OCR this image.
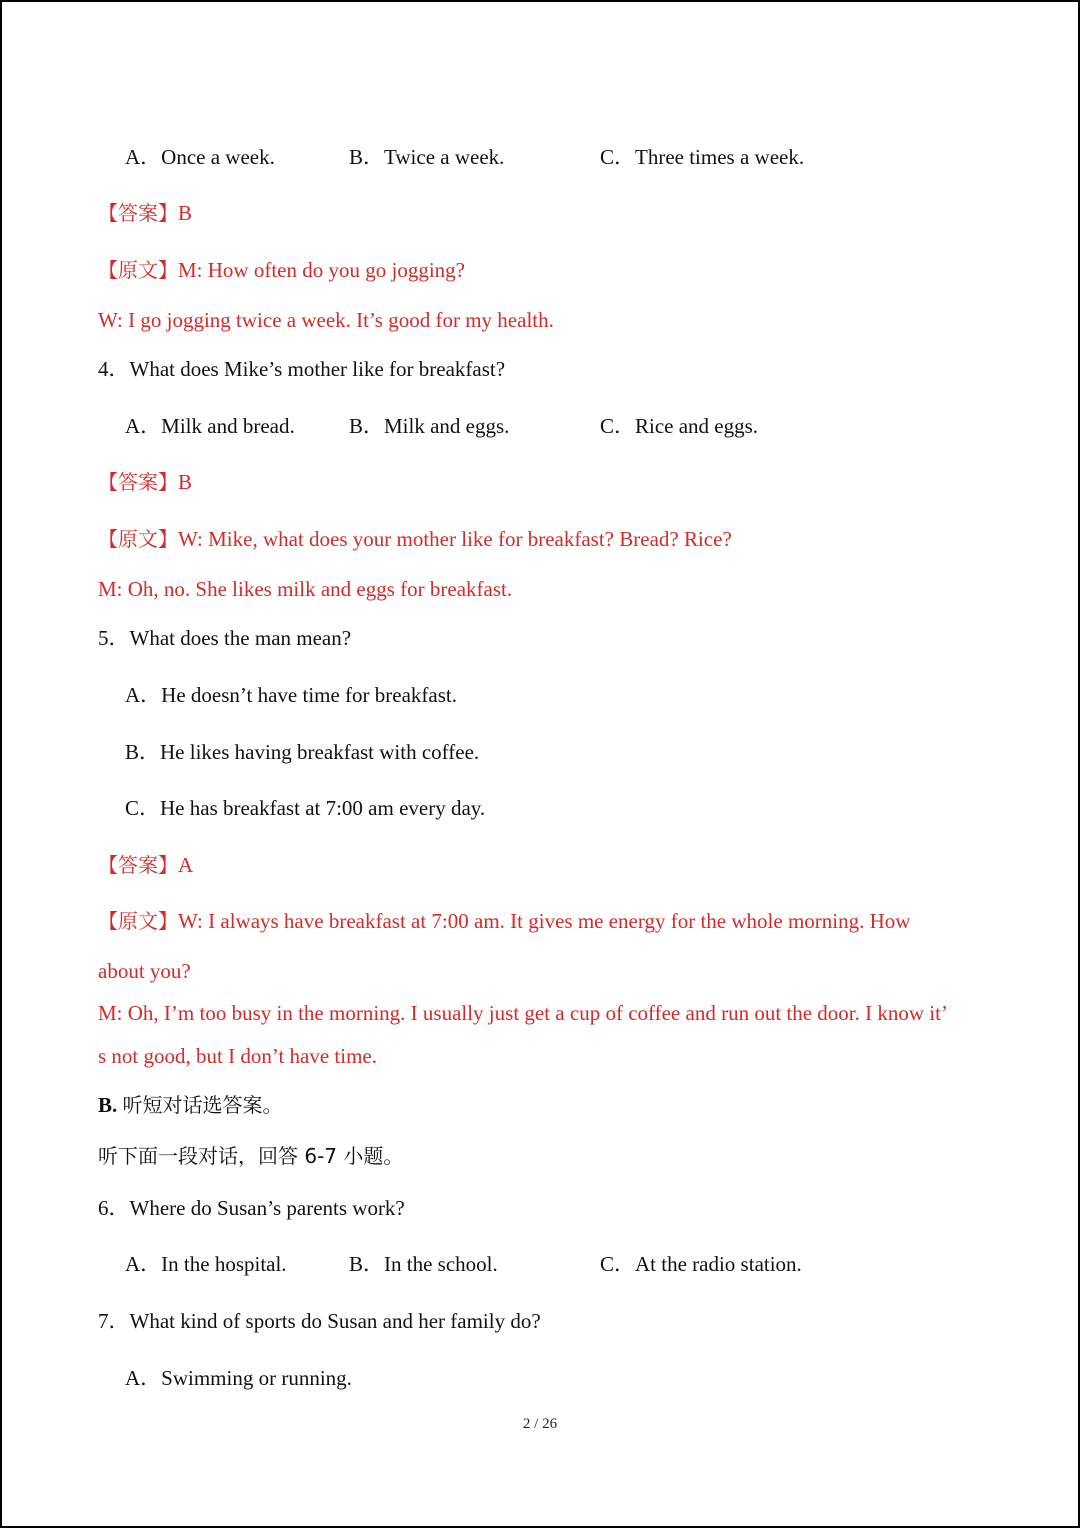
A．Once a week.	B．Twice a week.	C．Three times a week.
【答案】B
【原文】M: How often do you go jogging?
W: I go jogging twice a week. It’s good for my health.
4．What does Mike’s mother like for breakfast?
A．Milk and bread.	B．Milk and eggs.	C．Rice and eggs.
【答案】B
【原文】W: Mike, what does your mother like for breakfast? Bread? Rice?
M: Oh, no. She likes milk and eggs for breakfast.
5．What does the man mean?
A．He doesn’t have time for breakfast.
B．He likes having breakfast with coffee.
C．He has breakfast at 7:00 am every day.
【答案】A
【原文】W: I always have breakfast at 7:00 am. It gives me energy for the whole morning. How
about you?
M: Oh, I’m too busy in the morning. I usually just get a cup of coffee and run out the door. I know it’
s not good, but I don’t have time.
B. 听短对话选答案。
听下面一段对话，回答 6-7 小题。
6．Where do Susan’s parents work?
A．In the hospital.	B．In the school.	C．At the radio station.
7．What kind of sports do Susan and her family do?
A．Swimming or running.
2 / 26
